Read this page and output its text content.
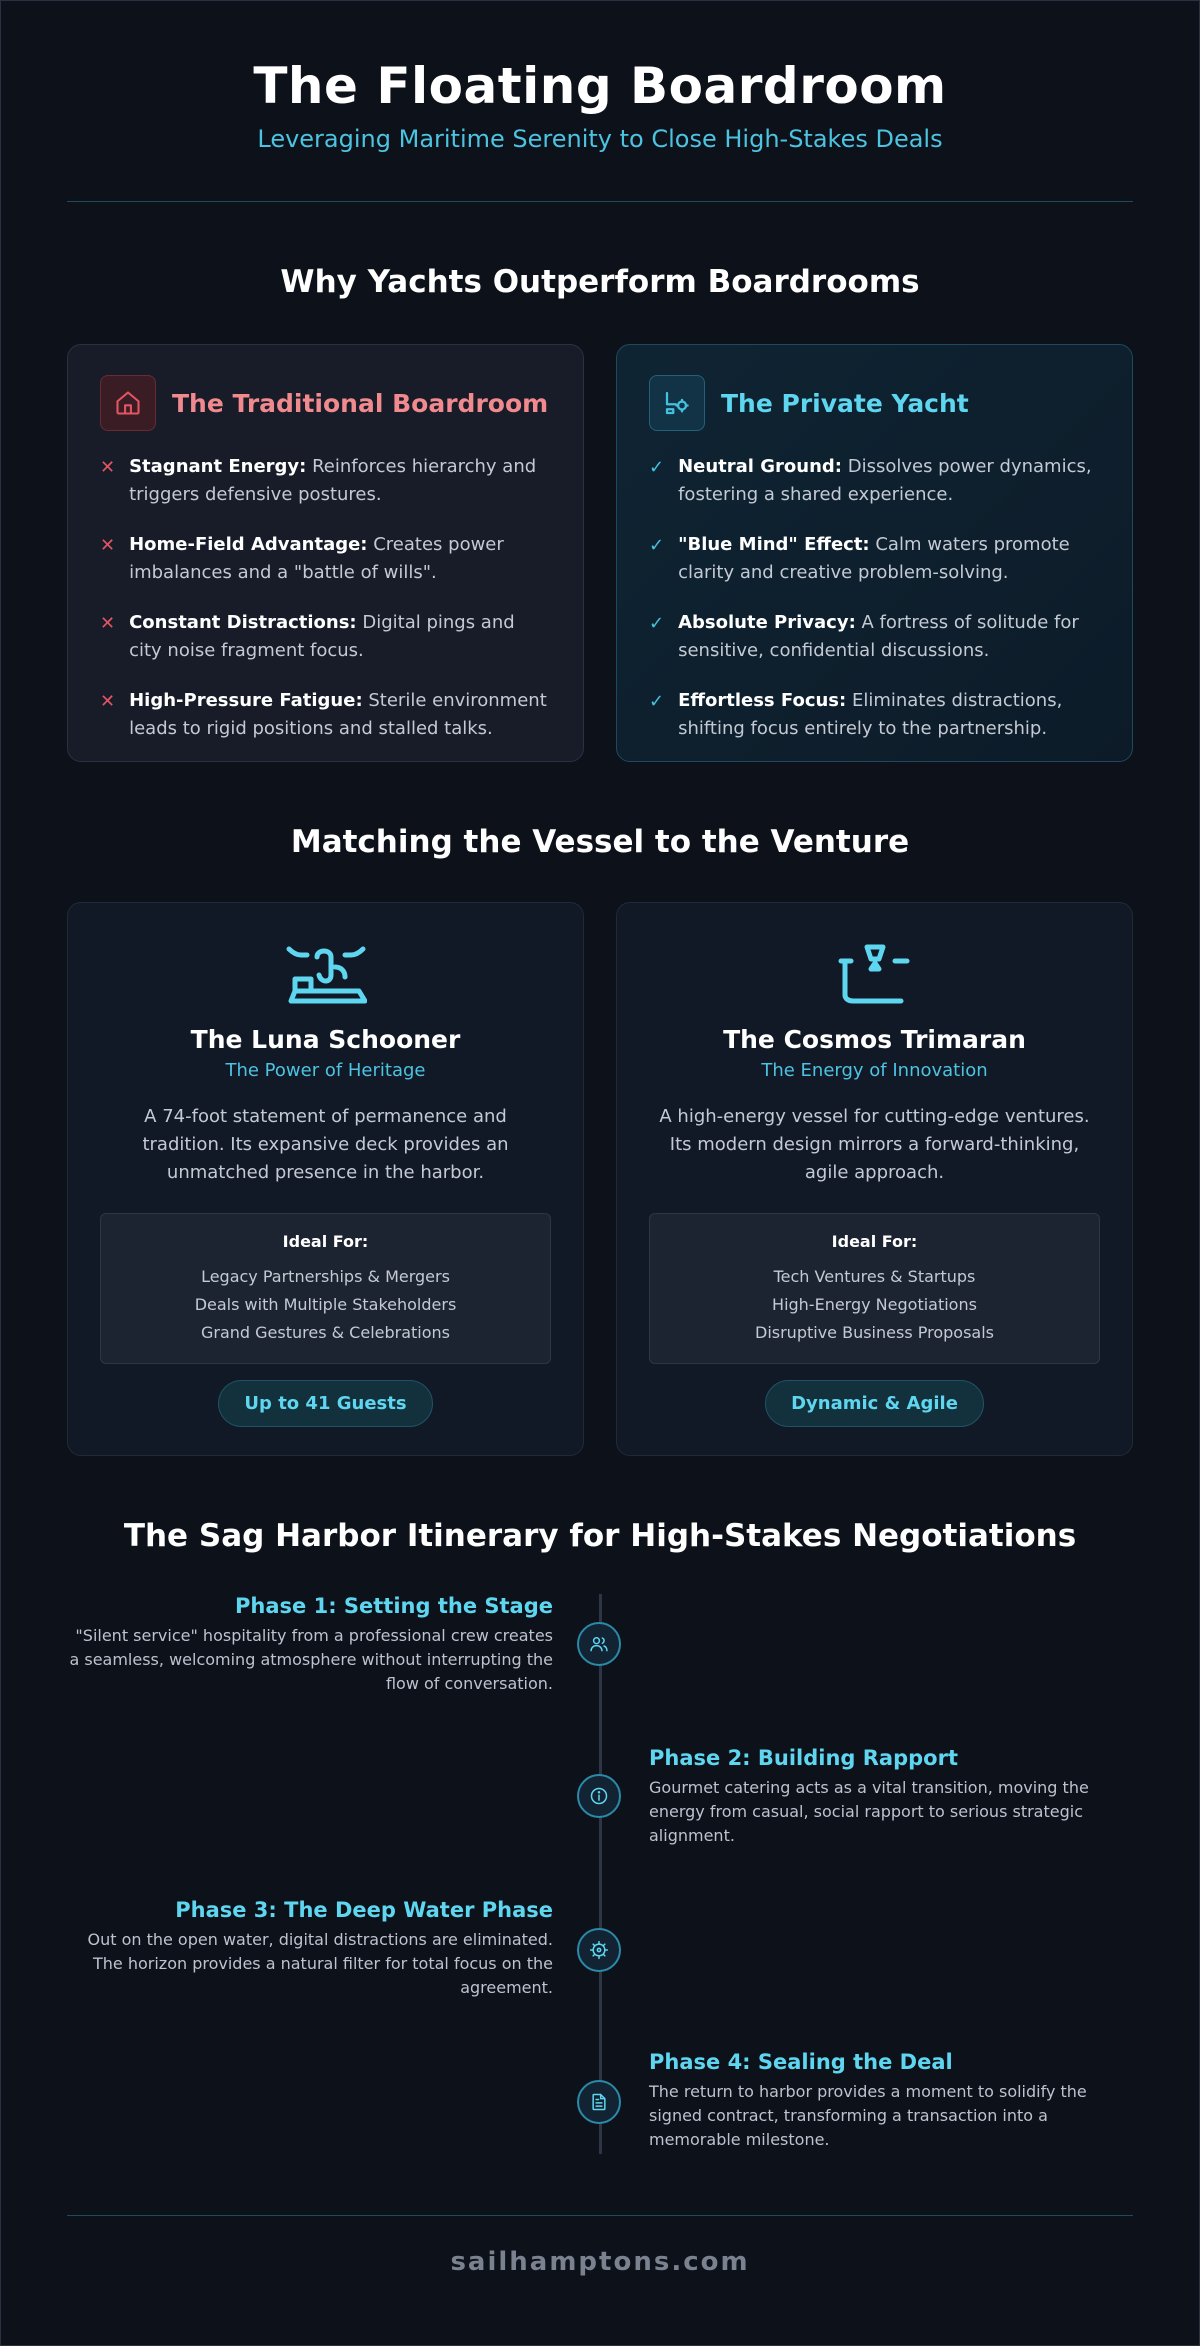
The Floating Boardroom
Leveraging Maritime Serenity to Close High-Stakes Deals
Why Yachts Outperform Boardrooms
The Traditional Boardroom
✕ Stagnant Energy: Reinforces hierarchy and triggers defensive postures.
✕ Home-Field Advantage: Creates power imbalances and a "battle of wills".
✕ Constant Distractions: Digital pings and city noise fragment focus.
✕ High-Pressure Fatigue: Sterile environment leads to rigid positions and stalled talks.
The Private Yacht
✓ Neutral Ground: Dissolves power dynamics, fostering a shared experience.
✓ "Blue Mind" Effect: Calm waters promote clarity and creative problem-solving.
✓ Absolute Privacy: A fortress of solitude for sensitive, confidential discussions.
✓ Effortless Focus: Eliminates distractions, shifting focus entirely to the partnership.
Matching the Vessel to the Venture
The Luna Schooner
The Power of Heritage
A 74-foot statement of permanence and tradition. Its expansive deck provides an unmatched presence in the harbor.
Ideal For:
Legacy Partnerships & Mergers
Deals with Multiple Stakeholders
Grand Gestures & Celebrations
Up to 41 Guests
The Cosmos Trimaran
The Energy of Innovation
A high-energy vessel for cutting-edge ventures. Its modern design mirrors a forward-thinking, agile approach.
Ideal For:
Tech Ventures & Startups
High-Energy Negotiations
Disruptive Business Proposals
Dynamic & Agile
The Sag Harbor Itinerary for High-Stakes Negotiations
Phase 1: Setting the Stage
"Silent service" hospitality from a professional crew creates a seamless, welcoming atmosphere without interrupting the flow of conversation.
Phase 2: Building Rapport
Gourmet catering acts as a vital transition, moving the energy from casual, social rapport to serious strategic alignment.
Phase 3: The Deep Water Phase
Out on the open water, digital distractions are eliminated. The horizon provides a natural filter for total focus on the agreement.
Phase 4: Sealing the Deal
The return to harbor provides a moment to solidify the signed contract, transforming a transaction into a memorable milestone.
sailhamptons.com
